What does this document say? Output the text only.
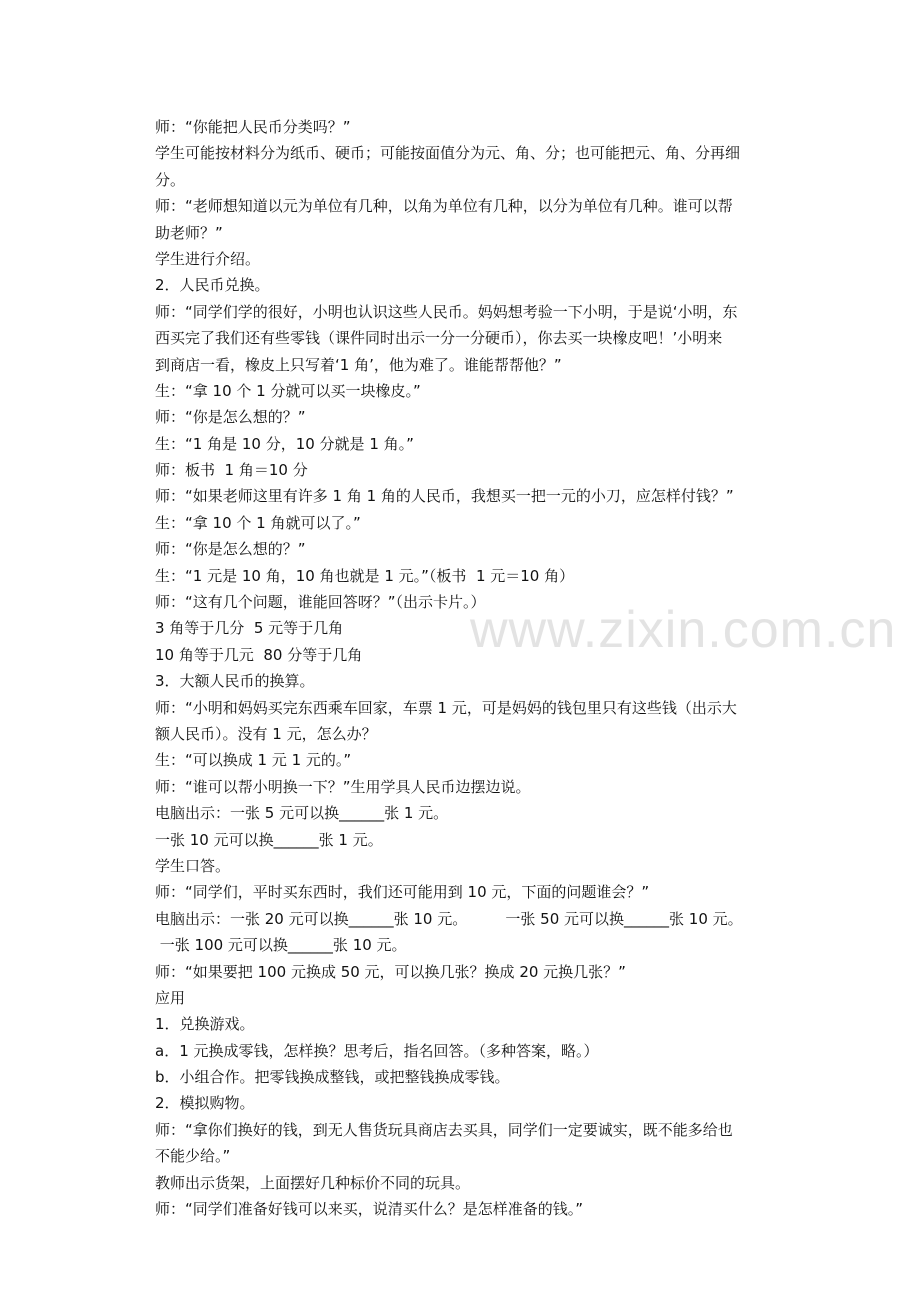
www.zixin.com.cn

师：“你能把人民币分类吗？”

学生可能按材料分为纸币、硬币；可能按面值分为元、角、分；也可能把元、角、分再细

分。

师：“老师想知道以元为单位有几种，以角为单位有几种，以分为单位有几种。谁可以帮

助老师？”

学生进行介绍。

2．人民币兑换。

师：“同学们学的很好，小明也认识这些人民币。妈妈想考验一下小明，于是说‘小明，东

西买完了我们还有些零钱（课件同时出示一分一分硬币），你去买一块橡皮吧！’小明来

到商店一看，橡皮上只写着‘1 角’，他为难了。谁能帮帮他？”

生：“拿 10 个 1 分就可以买一块橡皮。”

师：“你是怎么想的？”

生：“1 角是 10 分，10 分就是 1 角。”

师：板书  1 角＝10 分

师：“如果老师这里有许多 1 角 1 角的人民币，我想买一把一元的小刀，应怎样付钱？”

生：“拿 10 个 1 角就可以了。”

师：“你是怎么想的？”

生：“1 元是 10 角，10 角也就是 1 元。”（板书  1 元＝10 角）

师：“这有几个问题，谁能回答呀？”（出示卡片。）

3 角等于几分  5 元等于几角

10 角等于几元  80 分等于几角

3．大额人民币的换算。

师：“小明和妈妈买完东西乘车回家，车票 1 元，可是妈妈的钱包里只有这些钱（出示大

额人民币）。没有 1 元，怎么办？

生：“可以换成 1 元 1 元的。”

师：“谁可以帮小明换一下？”生用学具人民币边摆边说。

电脑出示：一张 5 元可以换______张 1 元。

一张 10 元可以换______张 1 元。

学生口答。

师：“同学们，平时买东西时，我们还可能用到 10 元，下面的问题谁会？”

电脑出示：一张 20 元可以换______张 10 元。        一张 50 元可以换______张 10 元。

一张 100 元可以换______张 10 元。

师：“如果要把 100 元换成 50 元，可以换几张？换成 20 元换几张？”

应用

1．兑换游戏。

a．1 元换成零钱，怎样换？思考后，指名回答。（多种答案，略。）

b．小组合作。把零钱换成整钱，或把整钱换成零钱。

2．模拟购物。

师：“拿你们换好的钱，到无人售货玩具商店去买具，同学们一定要诚实，既不能多给也

不能少给。”

教师出示货架，上面摆好几种标价不同的玩具。

师：“同学们准备好钱可以来买，说清买什么？是怎样准备的钱。”
